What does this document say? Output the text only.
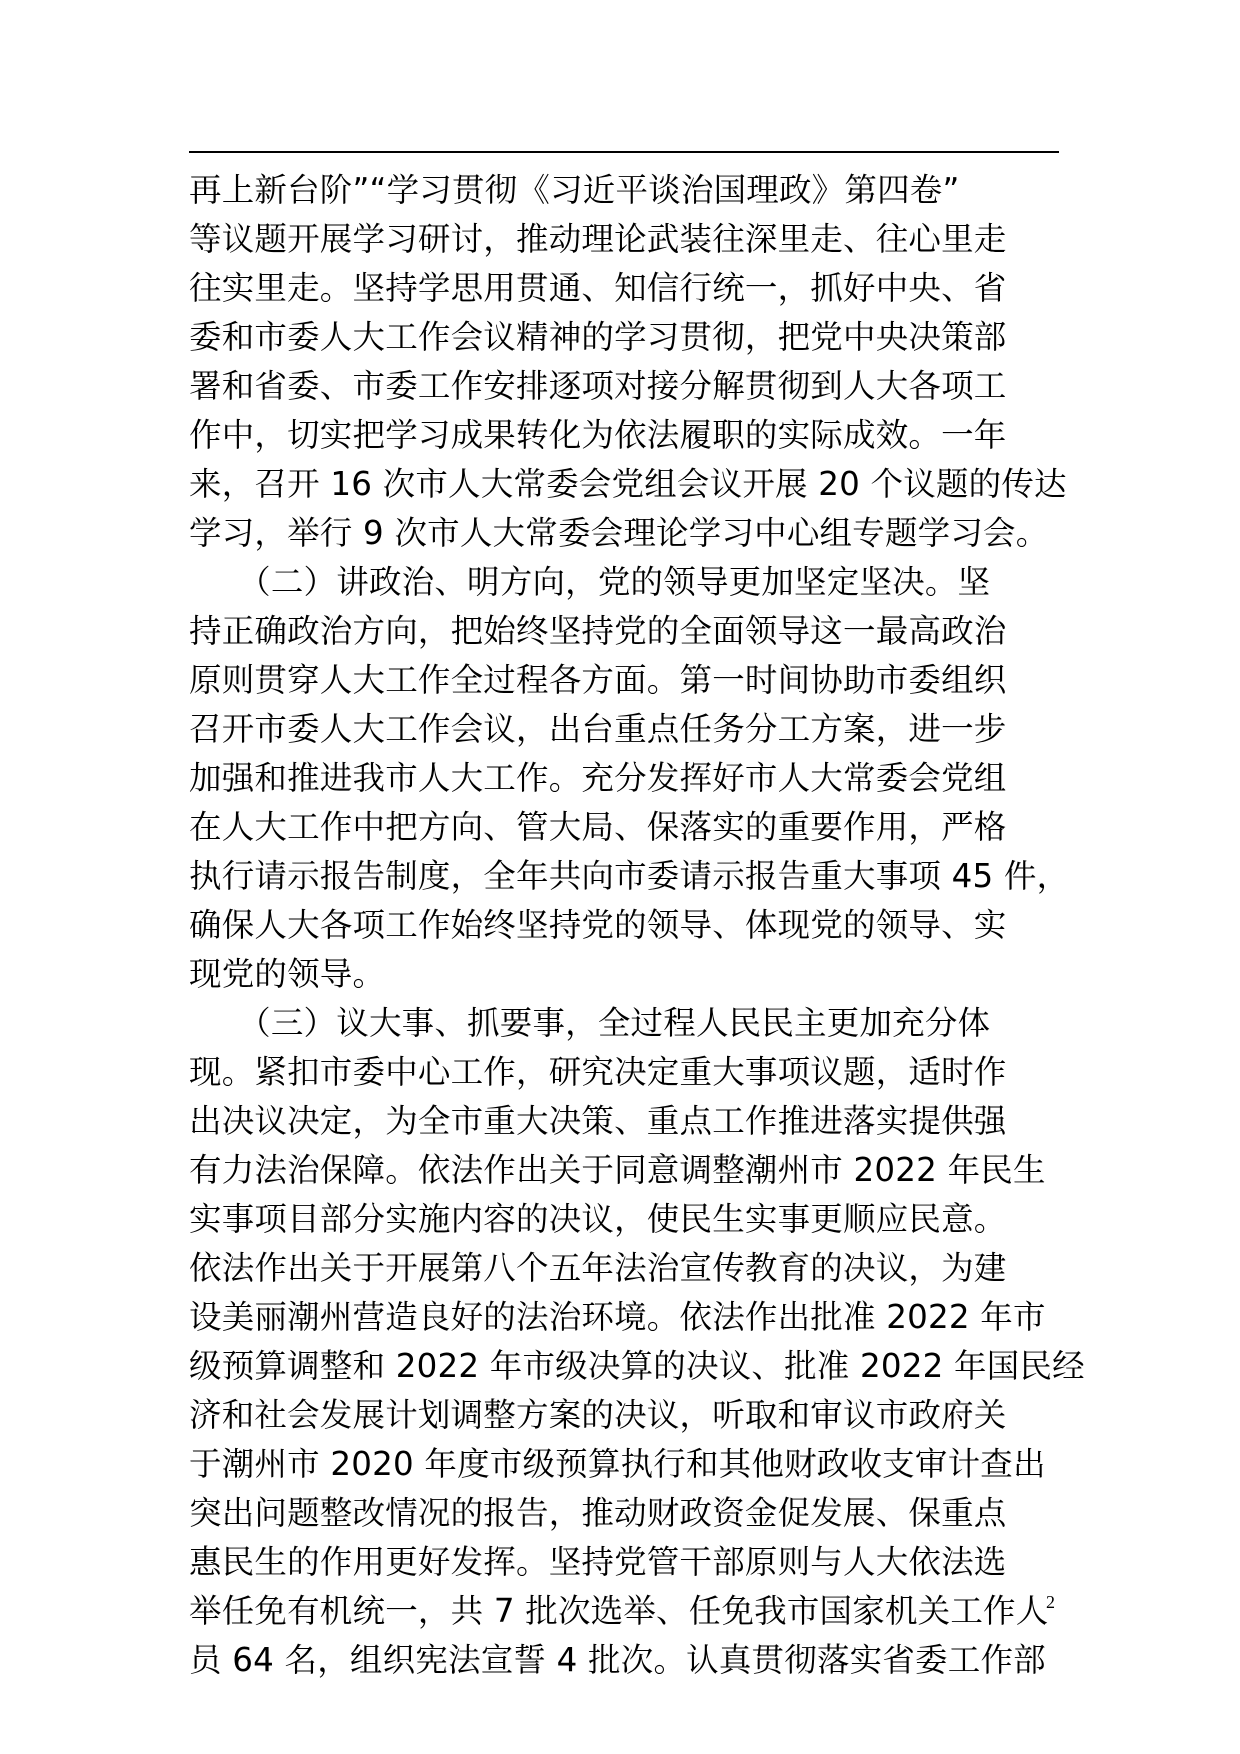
再上新台阶”“学习贯彻《习近平谈治国理政》第四卷”
等议题开展学习研讨，推动理论武装往深里走、往心里走
往实里走。坚持学思用贯通、知信行统一，抓好中央、省
委和市委人大工作会议精神的学习贯彻，把党中央决策部
署和省委、市委工作安排逐项对接分解贯彻到人大各项工
作中，切实把学习成果转化为依法履职的实际成效。一年
来，召开 16 次市人大常委会党组会议开展 20 个议题的传达
学习，举行 9 次市人大常委会理论学习中心组专题学习会。
　　（二）讲政治、明方向，党的领导更加坚定坚决。坚
持正确政治方向，把始终坚持党的全面领导这一最高政治
原则贯穿人大工作全过程各方面。第一时间协助市委组织
召开市委人大工作会议，出台重点任务分工方案，进一步
加强和推进我市人大工作。充分发挥好市人大常委会党组
在人大工作中把方向、管大局、保落实的重要作用，严格
执行请示报告制度，全年共向市委请示报告重大事项 45 件，
确保人大各项工作始终坚持党的领导、体现党的领导、实
现党的领导。
　　（三）议大事、抓要事，全过程人民民主更加充分体
现。紧扣市委中心工作，研究决定重大事项议题，适时作
出决议决定，为全市重大决策、重点工作推进落实提供强
有力法治保障。依法作出关于同意调整潮州市 2022 年民生
实事项目部分实施内容的决议，使民生实事更顺应民意。
依法作出关于开展第八个五年法治宣传教育的决议，为建
设美丽潮州营造良好的法治环境。依法作出批准 2022 年市
级预算调整和 2022 年市级决算的决议、批准 2022 年国民经
济和社会发展计划调整方案的决议，听取和审议市政府关
于潮州市 2020 年度市级预算执行和其他财政收支审计查出
突出问题整改情况的报告，推动财政资金促发展、保重点
惠民生的作用更好发挥。坚持党管干部原则与人大依法选
举任免有机统一，共 7 批次选举、任免我市国家机关工作人
员 64 名，组织宪法宣誓 4 批次。认真贯彻落实省委工作部
2
